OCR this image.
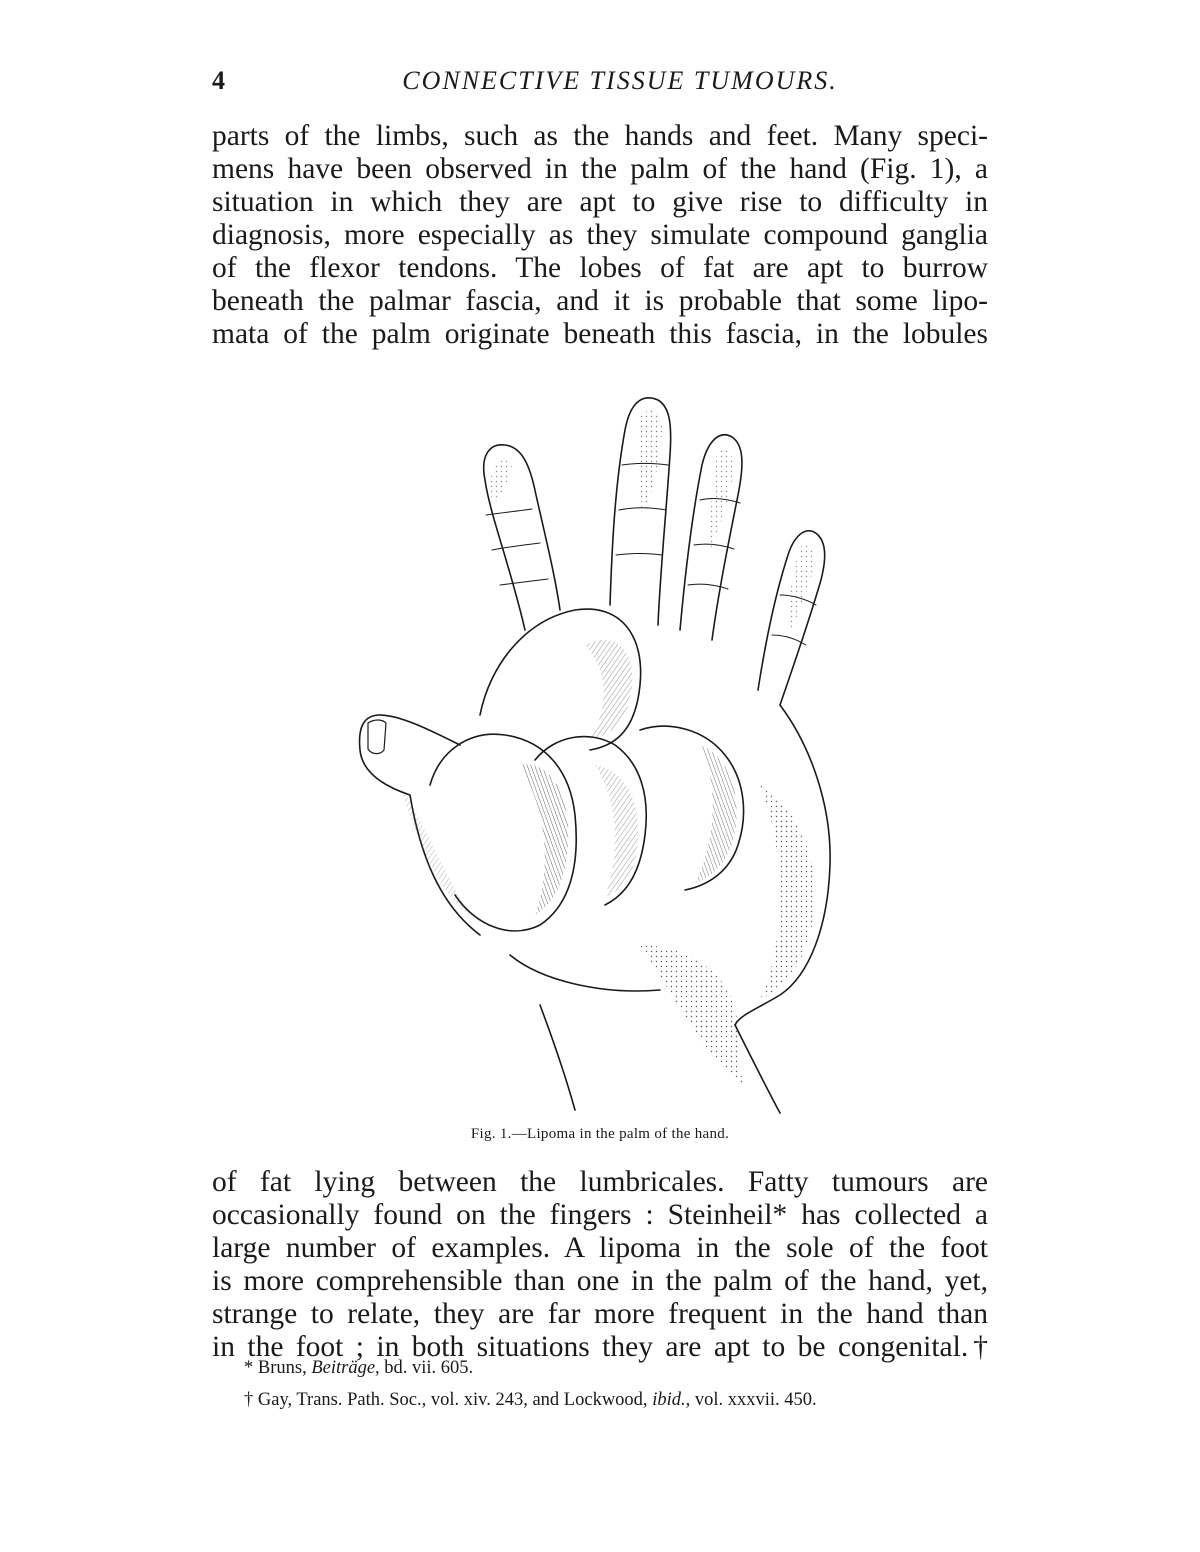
4	CONNECTIVE TISSUE TUMOURS.
parts of the limbs, such as the hands and feet. Many speci-
mens have been observed in the palm of the hand (Fig. 1), a
situation in which they are apt to give rise to difficulty in
diagnosis, more especially as they simulate compound ganglia
of the flexor tendons. The lobes of fat are apt to burrow
beneath the palmar fascia, and it is probable that some lipo-
mata of the palm originate beneath this fascia, in the lobules
Fig. 1.—Lipoma in the palm of the hand.
of fat lying between the lumbricales. Fatty tumours are
occasionally found on the fingers : Steinheil* has collected a
large number of examples. A lipoma in the sole of the foot
is more comprehensible than one in the palm of the hand, yet,
strange to relate, they are far more frequent in the hand than
in the foot ; in both situations they are apt to be congenital.†
* Bruns, Beiträge, bd. vii. 605.
† Gay, Trans. Path. Soc., vol. xiv. 243, and Lockwood, ibid., vol. xxxvii. 450.
